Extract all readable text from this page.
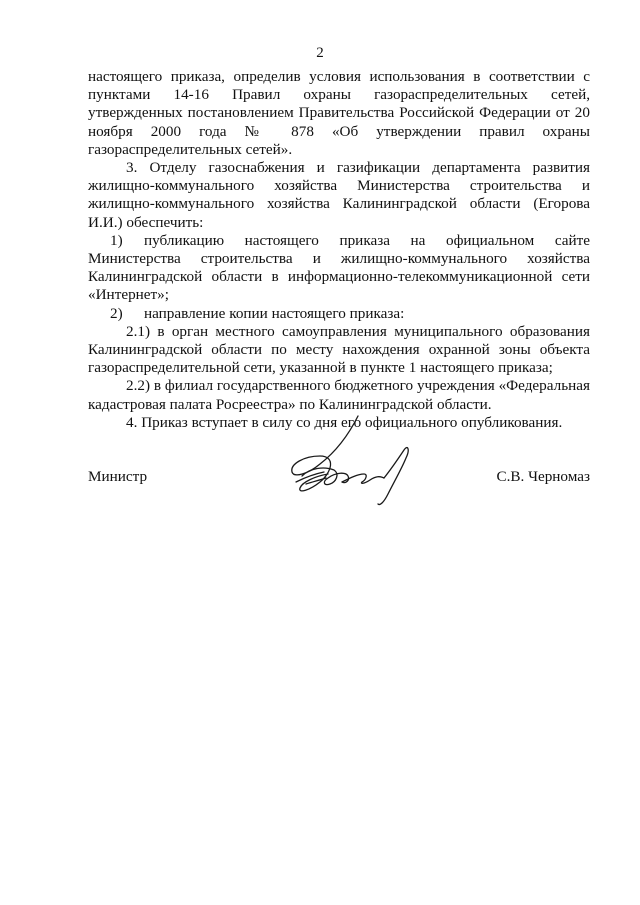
2

настоящего приказа, определив условия использования в соответствии с пунктами 14-16 Правил охраны газораспределительных сетей, утвержденных постановлением Правительства Российской Федерации от 20 ноября 2000 года № 878 «Об утверждении правил охраны газораспределительных сетей».

3. Отделу газоснабжения и газификации департамента развития жилищно-коммунального хозяйства Министерства строительства и жилищно-коммунального хозяйства Калининградской области (Егорова И.И.) обеспечить:

1) публикацию настоящего приказа на официальном сайте Министерства строительства и жилищно-коммунального хозяйства Калининградской области в информационно-телекоммуникационной сети «Интернет»;

2) направление копии настоящего приказа:

2.1) в орган местного самоуправления муниципального образования Калининградской области по месту нахождения охранной зоны объекта газораспределительной сети, указанной в пункте 1 настоящего приказа;

2.2) в филиал государственного бюджетного учреждения «Федеральная кадастровая палата Росреестра» по Калининградской области.

4. Приказ вступает в силу со дня его официального опубликования.

Министр	С.В. Черномаз
